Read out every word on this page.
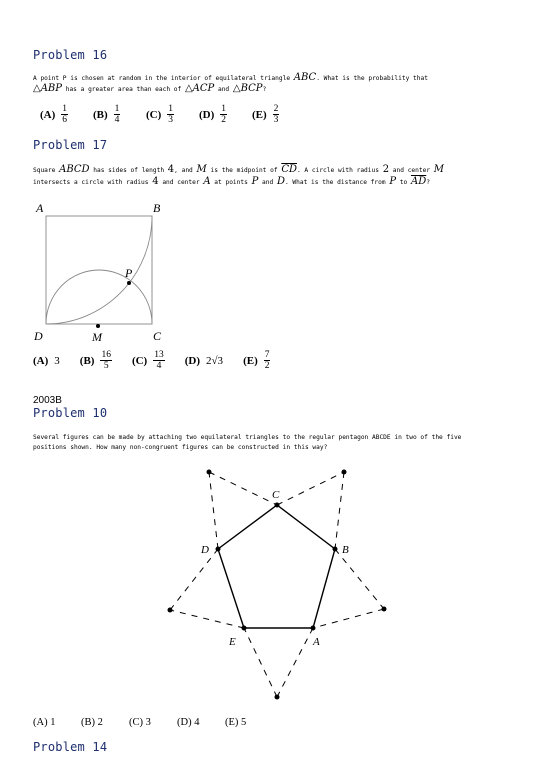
Problem 16
A point P is chosen at random in the interior of equilateral triangle ABC. What is the probability that
△ABP has a greater area than each of △ACP and △BCP?
$(A) \frac{1}{6} (B) \frac{1}{4} (C) \frac{1}{3} (D) \frac{1}{2} (E) \frac{2}{3}$
Problem 17
Square ABCD has sides of length 4, and M is the midpoint of $\overline{CD}$. A circle with radius 2 and center M
intersects a circle with radius 4 and center A at points P and D. What is the distance from P to $\overline{AD}$?
A	B
C
D	M
P
C
B
A
E
D
(A) 3 $(B) \frac{16}{5} (C) \frac{13}{4} (D)$ 2√3 $(E) \frac{7}{2}$
2003B
Problem 10
Several figures can be made by attaching two equilateral triangles to the regular pentagon ABCDE in two of the five
positions shown. How many non-congruent figures can be constructed in this way?
(A) 1 (B) 2 (C) 3 (D) 4 (E) 5
Problem 14
